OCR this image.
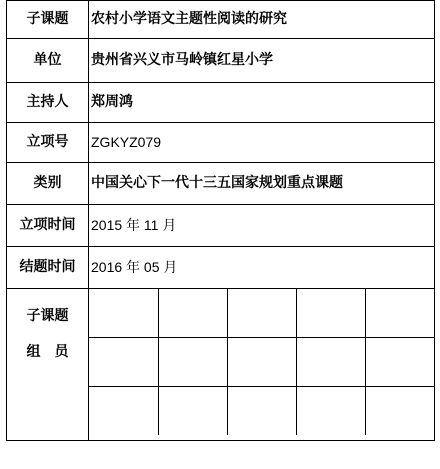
子课题	农村小学语文主题性阅读的研究
单位	贵州省兴义市马岭镇红星小学
主持人	郑周鸿
立项号	ZGKYZ079
类别	中国关心下一代十三五国家规划重点课题
立项时间	2015 年 11 月
结题时间	2016 年 05 月

子课题
组员
